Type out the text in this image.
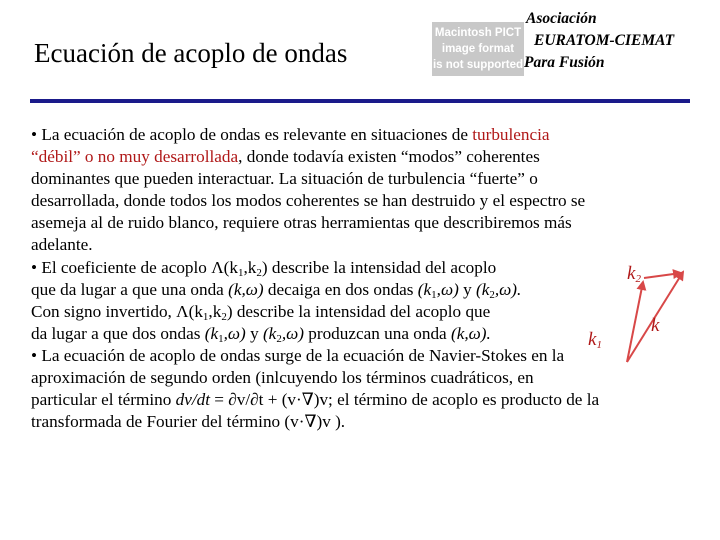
Ecuación de acoplo de ondas
Macintosh PICT
image format
is not supported
Asociación
EURATOM-CIEMAT
Para Fusión
• La ecuación de acoplo de ondas es relevante en situaciones de turbulencia
“débil” o no muy desarrollada, donde todavía existen “modos” coherentes
dominantes que pueden interactuar. La situación de turbulencia “fuerte” o
desarrollada, donde todos los modos coherentes se han destruido y el espectro se
asemeja al de ruido blanco, requiere otras herramientas que describiremos más
adelante.
• El coeficiente de acoplo $\Lambda(k_1,k_2)$ describe la intensidad del acoplo
que da lugar a que una onda (k,ω) decaiga en dos ondas $(k_1,\omega)$ y $(k_2,\omega)$.
Con signo invertido, $\Lambda(k_1,k_2)$ describe la intensidad del acoplo que
da lugar a que dos ondas $(k_1,\omega)$ y $(k_2,\omega)$ produzcan una onda (k,ω).
• La ecuación de acoplo de ondas surge de la ecuación de Navier-Stokes en la
aproximación de segundo orden (inlcuyendo los términos cuadráticos, en
particular el término dv/dt = ∂v/∂t + (v·∇)v; el término de acoplo es producto de la
transformada de Fourier del término (v·∇)v ).
$k_2$
k
$k_1$
